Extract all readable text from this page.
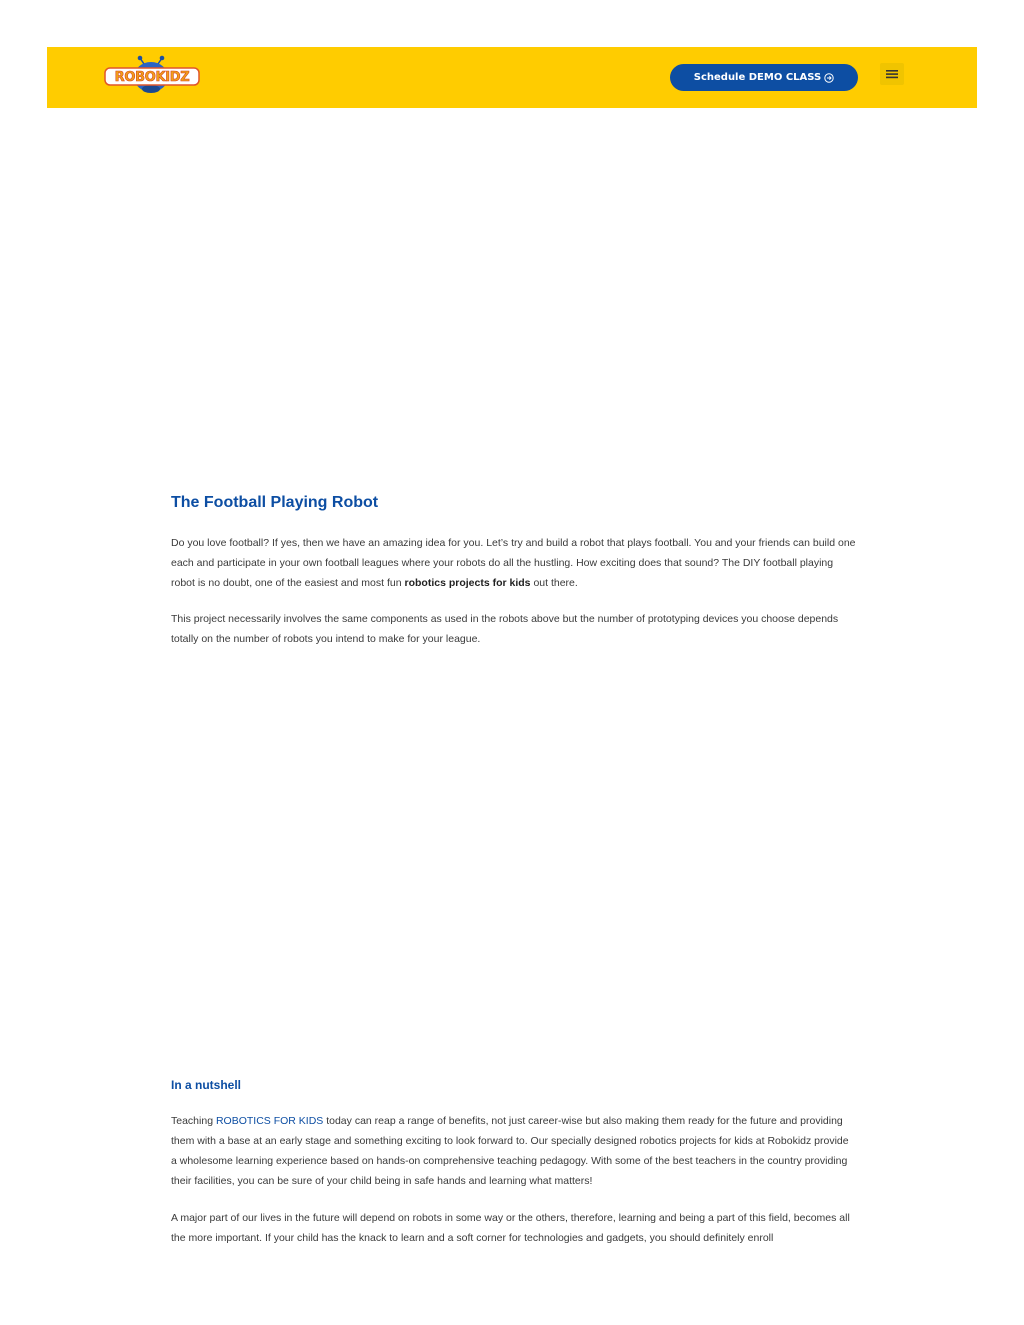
ROBOKIDZ	Schedule DEMO CLASS
The Football Playing Robot

Do you love football? If yes, then we have an amazing idea for you. Let’s try and build a robot that plays football. You and your friends can build one each and participate in your own football leagues where your robots do all the hustling. How exciting does that sound? The DIY football playing robot is no doubt, one of the easiest and most fun robotics projects for kids out there.

This project necessarily involves the same components as used in the robots above but the number of prototyping devices you choose depends totally on the number of robots you intend to make for your league.

In a nutshell

Teaching ROBOTICS FOR KIDS today can reap a range of benefits, not just career-wise but also making them ready for the future and providing them with a base at an early stage and something exciting to look forward to. Our specially designed robotics projects for kids at Robokidz provide a wholesome learning experience based on hands-on comprehensive teaching pedagogy. With some of the best teachers in the country providing their facilities, you can be sure of your child being in safe hands and learning what matters!

A major part of our lives in the future will depend on robots in some way or the others, therefore, learning and being a part of this field, becomes all the more important. If your child has the knack to learn and a soft corner for technologies and gadgets, you should definitely enroll
